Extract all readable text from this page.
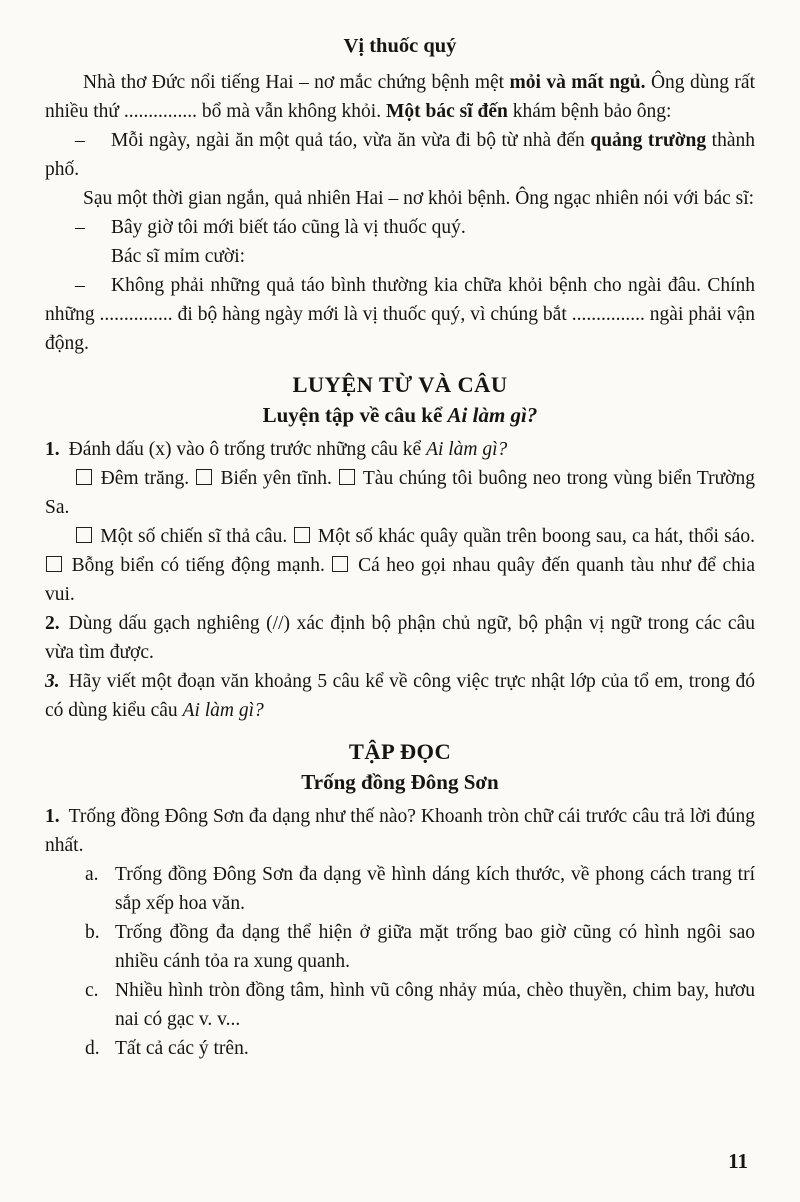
Vị thuốc quý

Nhà thơ Đức nổi tiếng Hai – nơ mắc chứng bệnh mệt mỏi và mất ngủ. Ông dùng rất nhiều thứ ............... bổ mà vẫn không khỏi. Một bác sĩ đến khám bệnh bảo ông:

– Mỗi ngày, ngài ăn một quả táo, vừa ăn vừa đi bộ từ nhà đến quảng trường thành phố.

Sạu một thời gian ngắn, quả nhiên Hai – nơ khỏi bệnh. Ông ngạc nhiên nói với bác sĩ:

– Bây giờ tôi mới biết táo cũng là vị thuốc quý.

Bác sĩ mỉm cười:

– Không phải những quả táo bình thường kia chữa khỏi bệnh cho ngài đâu. Chính những ............... đi bộ hàng ngày mới là vị thuốc quý, vì chúng bắt ............... ngài phải vận động.

LUYỆN TỪ VÀ CÂU
Luyện tập về câu kể Ai làm gì?

1. Đánh dấu (x) vào ô trống trước những câu kể Ai làm gì?

Đêm trăng.  Biển yên tĩnh.  Tàu chúng tôi buông neo trong vùng biển Trường Sa.

Một số chiến sĩ thả câu.  Một số khác quây quần trên boong sau, ca hát, thổi sáo.  Bỗng biển có tiếng động mạnh.  Cá heo gọi nhau quây đến quanh tàu như để chia vui.

2. Dùng dấu gạch nghiêng (//) xác định bộ phận chủ ngữ, bộ phận vị ngữ trong các câu vừa tìm được.

3. Hãy viết một đoạn văn khoảng 5 câu kể về công việc trực nhật lớp của tổ em, trong đó có dùng kiểu câu Ai làm gì?

TẬP ĐỌC
Trống đồng Đông Sơn

1. Trống đồng Đông Sơn đa dạng như thế nào? Khoanh tròn chữ cái trước câu trả lời đúng nhất.

a. Trống đồng Đông Sơn đa dạng về hình dáng kích thước, về phong cách trang trí sắp xếp hoa văn.
b. Trống đồng đa dạng thể hiện ở giữa mặt trống bao giờ cũng có hình ngôi sao nhiều cánh tỏa ra xung quanh.
c. Nhiều hình tròn đồng tâm, hình vũ công nhảy múa, chèo thuyền, chim bay, hươu nai có gạc v. v...
d. Tất cả các ý trên.
11
